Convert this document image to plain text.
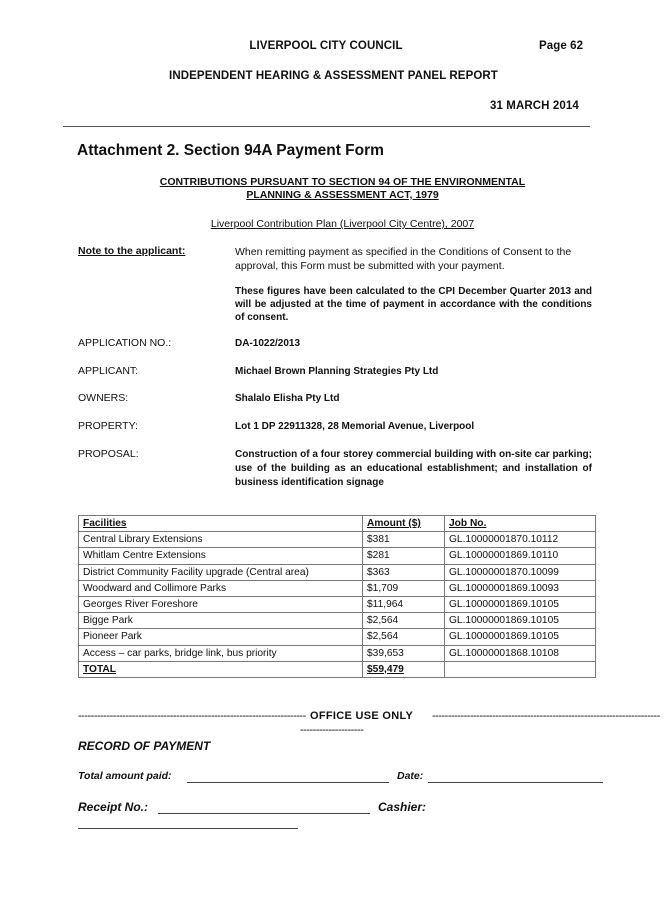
LIVERPOOL CITY COUNCIL	Page 62
INDEPENDENT HEARING & ASSESSMENT PANEL REPORT
31 MARCH 2014
Attachment 2. Section 94A Payment Form
CONTRIBUTIONS PURSUANT TO SECTION 94 OF THE ENVIRONMENTAL
PLANNING & ASSESSMENT ACT, 1979
Liverpool Contribution Plan (Liverpool City Centre), 2007
Note to the applicant:	When remitting payment as specified in the Conditions of Consent to the approval, this Form must be submitted with your payment.
These figures have been calculated to the CPI December Quarter 2013 and will be adjusted at the time of payment in accordance with the conditions of consent.
APPLICATION NO.:	DA-1022/2013
APPLICANT:	Michael Brown Planning Strategies Pty Ltd
OWNERS:	Shalalo Elisha Pty Ltd
PROPERTY:	Lot 1 DP 22911328, 28 Memorial Avenue, Liverpool
PROPOSAL:	Construction of a four storey commercial building with on-site car parking; use of the building as an educational establishment; and installation of business identification signage
Facilities	Amount ($)	Job No.
Central Library Extensions	$381	GL.10000001870.10112
Whitlam Centre Extensions	$281	GL.10000001869.10110
District Community Facility upgrade (Central area)	$363	GL.10000001870.10099
Woodward and Collimore Parks	$1,709	GL.10000001869.10093
Georges River Foreshore	$11,964	GL.10000001869.10105
Bigge Park	$2,564	GL.10000001869.10105
Pioneer Park	$2,564	GL.10000001869.10105
Access – car parks, bridge link, bus priority	$39,653	GL.10000001868.10108
TOTAL	$59,479	
------------------------------------------------------------------------ OFFICE USE ONLY ------------------------------------------------------------------------
--------------------
RECORD OF PAYMENT
Total amount paid:	Date:
Receipt No.:	Cashier:
